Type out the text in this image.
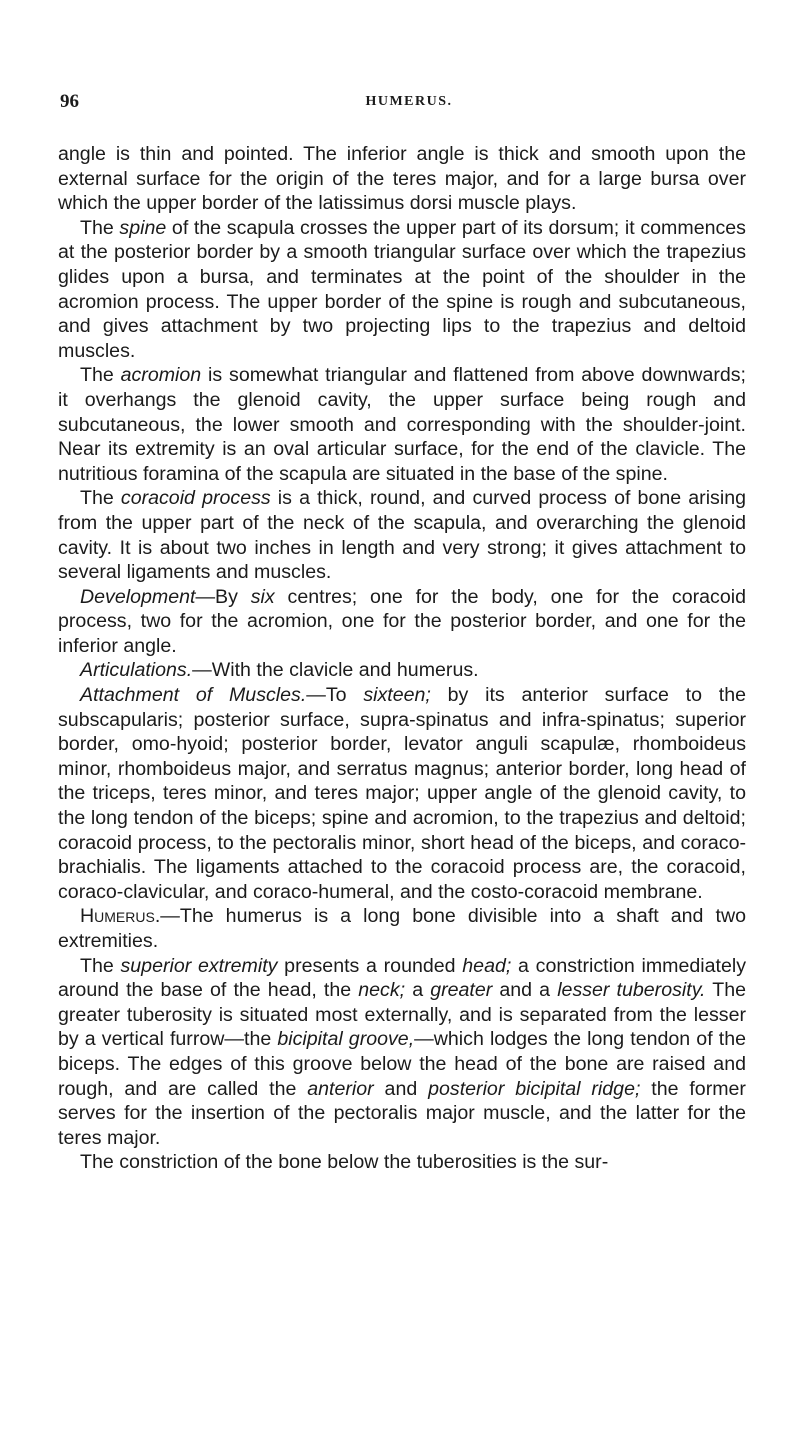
96	HUMERUS.

angle is thin and pointed. The inferior angle is thick and smooth upon the external surface for the origin of the teres major, and for a large bursa over which the upper border of the latissimus dorsi muscle plays.

The spine of the scapula crosses the upper part of its dorsum; it commences at the posterior border by a smooth triangular surface over which the trapezius glides upon a bursa, and terminates at the point of the shoulder in the acromion process. The upper border of the spine is rough and subcutaneous, and gives attachment by two projecting lips to the trapezius and deltoid muscles.

The acromion is somewhat triangular and flattened from above downwards; it overhangs the glenoid cavity, the upper surface being rough and subcutaneous, the lower smooth and corresponding with the shoulder-joint. Near its extremity is an oval articular surface, for the end of the clavicle. The nutritious foramina of the scapula are situated in the base of the spine.

The coracoid process is a thick, round, and curved process of bone arising from the upper part of the neck of the scapula, and overarching the glenoid cavity. It is about two inches in length and very strong; it gives attachment to several ligaments and muscles.

Development—By six centres; one for the body, one for the coracoid process, two for the acromion, one for the posterior border, and one for the inferior angle.

Articulations.—With the clavicle and humerus.

Attachment of Muscles.—To sixteen; by its anterior surface to the subscapularis; posterior surface, supra-spinatus and infra-spinatus; superior border, omo-hyoid; posterior border, levator anguli scapulæ, rhomboideus minor, rhomboideus major, and serratus magnus; anterior border, long head of the triceps, teres minor, and teres major; upper angle of the glenoid cavity, to the long tendon of the biceps; spine and acromion, to the trapezius and deltoid; coracoid process, to the pectoralis minor, short head of the biceps, and coraco-brachialis. The ligaments attached to the coracoid process are, the coracoid, coraco-clavicular, and coraco-humeral, and the costo-coracoid membrane.

Humerus.—The humerus is a long bone divisible into a shaft and two extremities.

The superior extremity presents a rounded head; a constriction immediately around the base of the head, the neck; a greater and a lesser tuberosity. The greater tuberosity is situated most externally, and is separated from the lesser by a vertical furrow—the bicipital groove,—which lodges the long tendon of the biceps. The edges of this groove below the head of the bone are raised and rough, and are called the anterior and posterior bicipital ridge; the former serves for the insertion of the pectoralis major muscle, and the latter for the teres major.

The constriction of the bone below the tuberosities is the sur-
